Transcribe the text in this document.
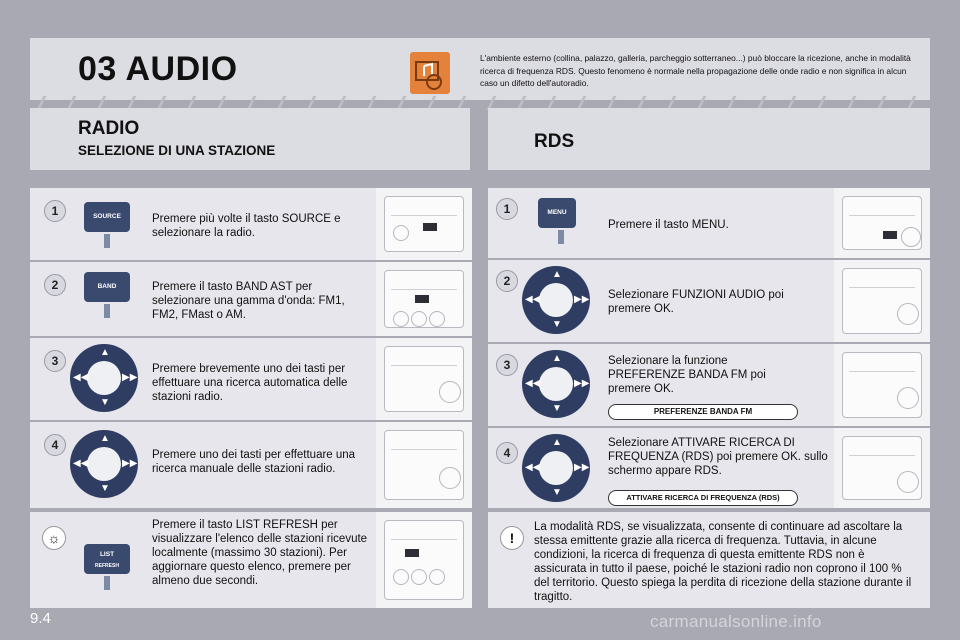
03 AUDIO	L'ambiente esterno (collina, palazzo, galleria, parcheggio sotterraneo...) può bloccare la ricezione, anche in modalità ricerca di frequenza RDS. Questo fenomeno è normale nella propagazione delle onde radio e non significa in alcun caso un difetto dell'autoradio.
RADIO
SELEZIONE DI UNA STAZIONE	RDS
1	SOURCE	Premere più volte il tasto SOURCE e selezionare la radio.
2	BAND	Premere il tasto BAND AST per selezionare una gamma d'onda: FM1, FM2, FMast o AM.
3
▲
▼
◀◀	▶▶
Premere brevemente uno dei tasti per effettuare una ricerca automatica delle stazioni radio.
4	▲
▼
◀◀	▶▶
Premere uno dei tasti per effettuare una ricerca manuale delle stazioni radio.
☼
LIST
REFRESH
Premere il tasto LIST REFRESH per visualizzare l'elenco delle stazioni ricevute localmente (massimo 30 stazioni). Per aggiornare questo elenco, premere per almeno due secondi.
1	MENU
Premere il tasto MENU.
2	▲
▼
◀◀	▶▶ Selezionare FUNZIONI AUDIO poi premere OK.
3	▲
▼
◀◀	▶▶
Selezionare la funzione PREFERENZE BANDA FM poi premere OK.
PREFERENZE BANDA FM
4
▲
▼
◀◀	▶▶
Selezionare ATTIVARE RICERCA DI FREQUENZA (RDS) poi premere OK. sullo schermo appare RDS.
ATTIVARE RICERCA DI FREQUENZA (RDS)
!
La modalità RDS, se visualizzata, consente di continuare ad ascoltare la stessa emittente grazie alla ricerca di frequenza. Tuttavia, in alcune condizioni, la ricerca di frequenza di questa emittente RDS non è assicurata in tutto il paese, poiché le stazioni radio non coprono il 100 % del territorio. Questo spiega la perdita di ricezione della stazione durante il tragitto.
9.4	carmanualsonline.info
